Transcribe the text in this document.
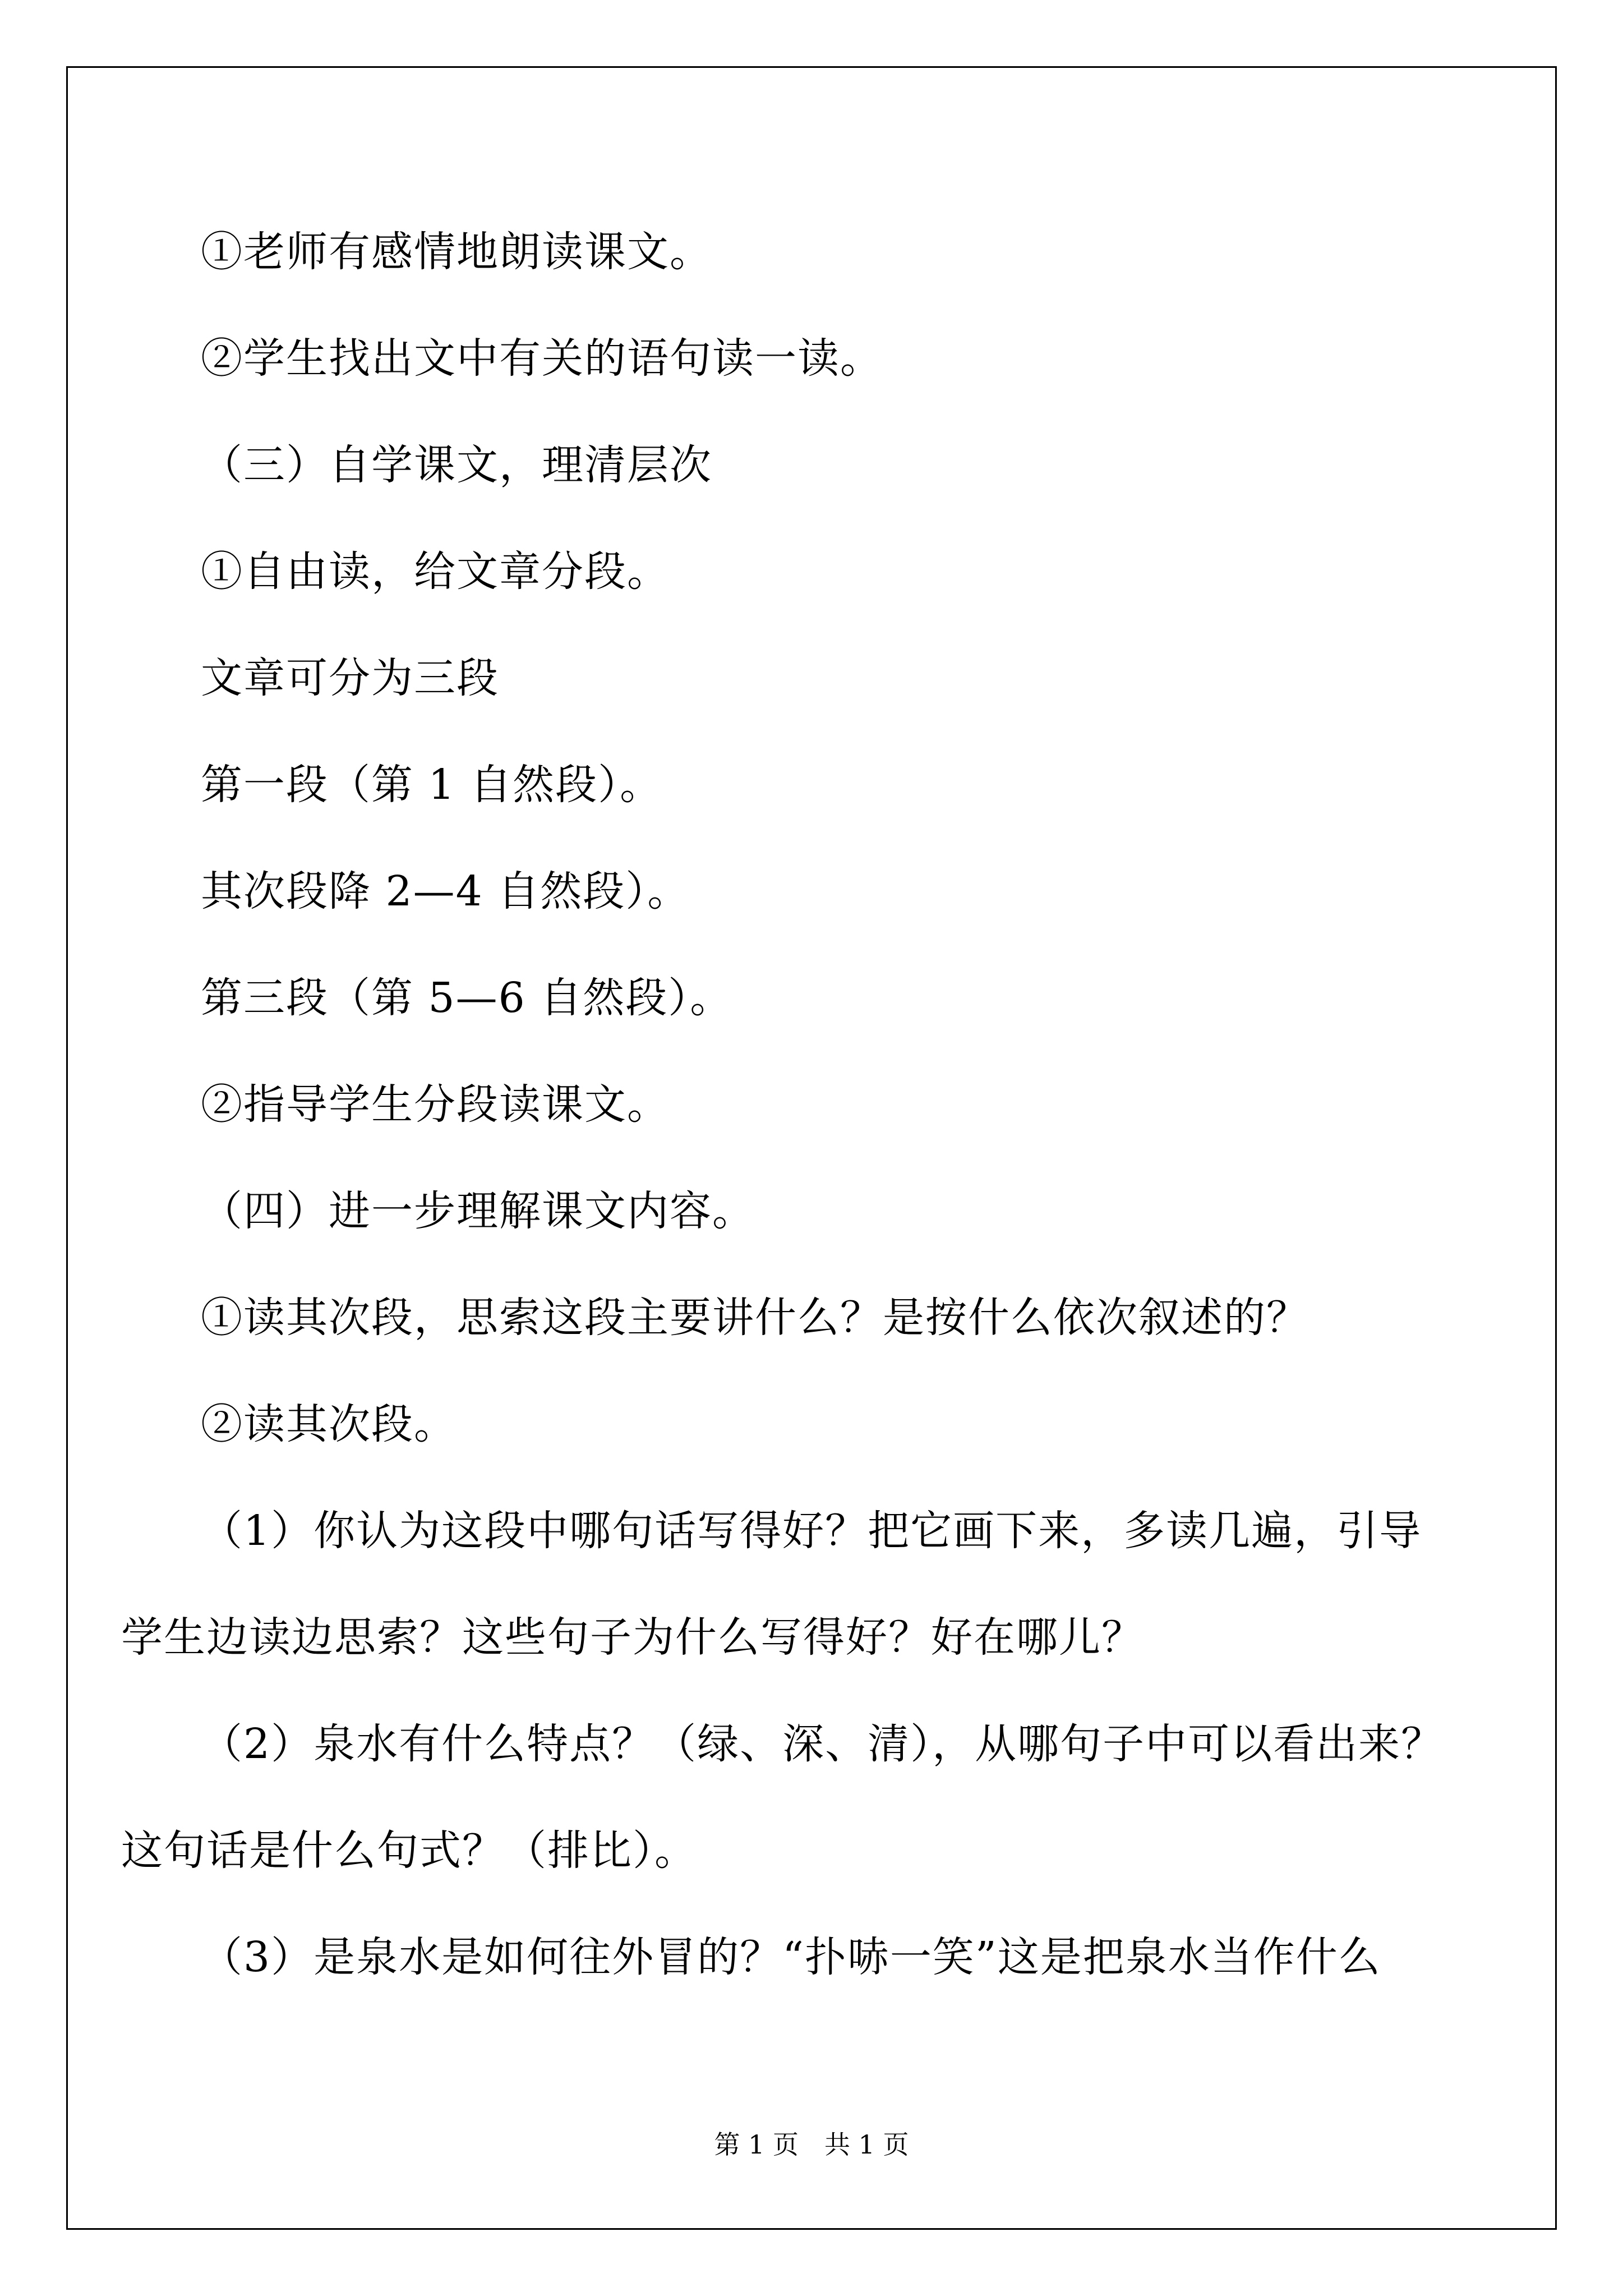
①老师有感情地朗读课文。
②学生找出文中有关的语句读一读。
（三）自学课文，理清层次
①自由读，给文章分段。
文章可分为三段
第一段（第 1 自然段）。
其次段降 2—4 自然段）。
第三段（第 5—6 自然段）。
②指导学生分段读课文。
（四）进一步理解课文内容。
①读其次段，思索这段主要讲什么？是按什么依次叙述的？
②读其次段。
（1）你认为这段中哪句话写得好？把它画下来，多读几遍，引导
学生边读边思索？这些句子为什么写得好？好在哪儿？
（2）泉水有什么特点？（绿、深、清），从哪句子中可以看出来？
这句话是什么句式？（排比）。
（3）是泉水是如何往外冒的？“扑哧一笑”这是把泉水当作什么
第 1 页　共 1 页
